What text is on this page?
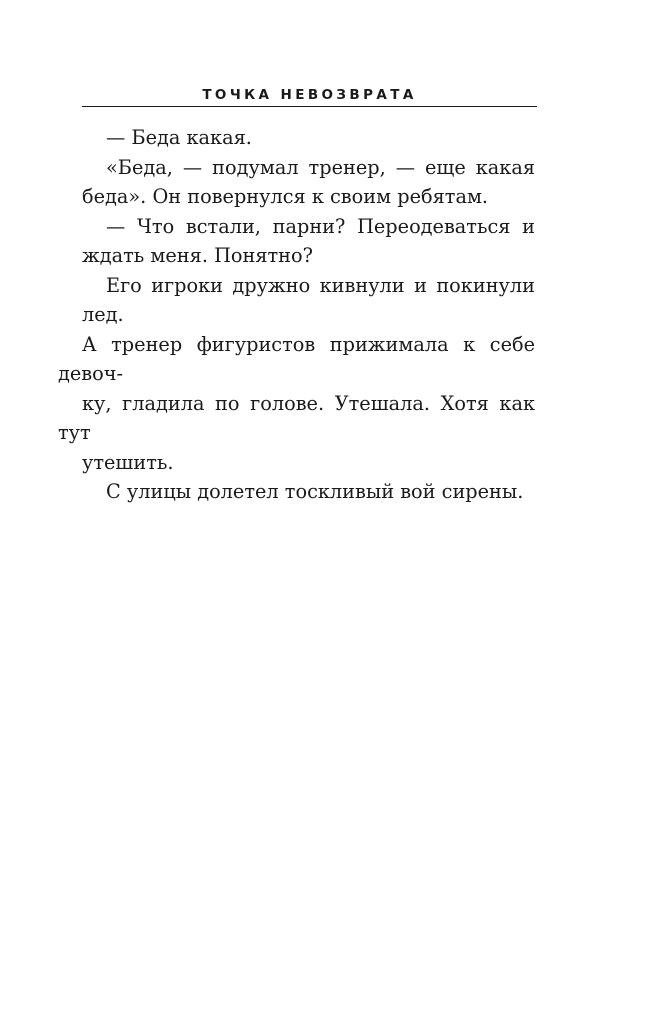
ТОЧКА НЕВОЗВРАТА

— Беда какая.

«Беда, — подумал тренер, — еще какая
беда». Он повернулся к своим ребятам.

— Что встали, парни? Переодеваться и
ждать меня. Понятно?

Его игроки дружно кивнули и покинули лед.
А тренер фигуристов прижимала к себе девоч-
ку, гладила по голове. Утешала. Хотя как тут
утешить.

С улицы долетел тоскливый вой сирены.
